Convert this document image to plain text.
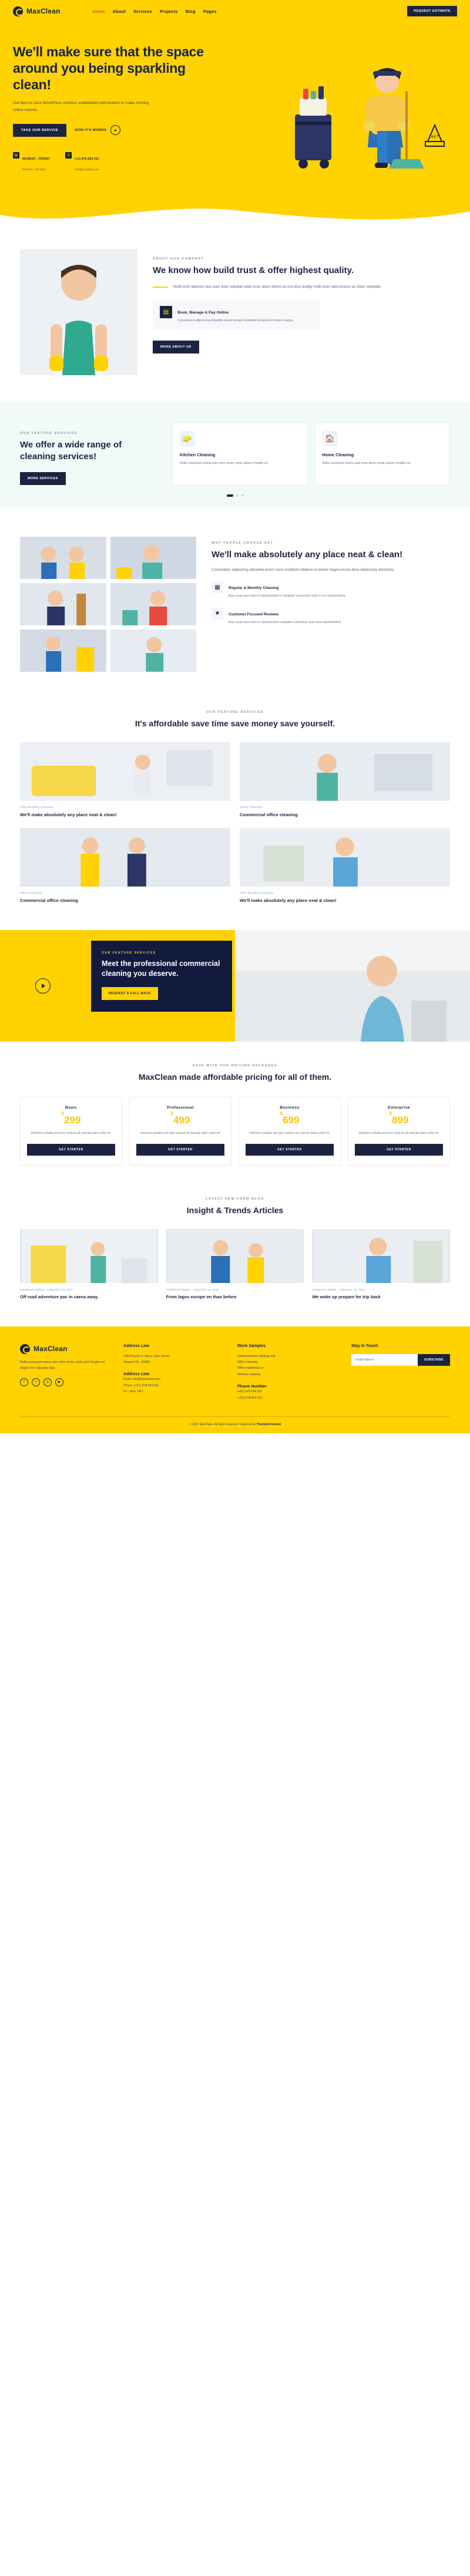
MaxClean	Home About Services Projects Blog Pages	REQUEST ESTIMATE
We'll make sure that the space around you being sparkling clean!

Our best in class WordPress solution, established optimisation to make running online volume.

TAKE OUR SERVICE	HOW IT'S WORKS
▤
MONDAY - FRIDAY
08:00am - 06:00pm
✆
(+1) 978 654 321
info@maxclean.com
WET
ABOUT OUR COMPANY
We know how build trust & offer highest quality.

Mollit enim laborum duis aute dolor voluptat velite esse cillum dolore eu lore dius quality mollit anim laborumcum au dolor voluptate.

▤	Book, Manage & Pay Online
Consectetur adipisicing elitsedda eiusm tempor incididunt ut labore et dolore magna.
MORE ABOUT US
OUR FEATURE SERVICES
We offer a wide range of cleaning services!
MORE SERVICES
🧽
Kitchen Cleaning
Nulla consequat massa quis enim donec pede justoes fringilla vel.
🏠
Home Cleaning
Nulla consequat massa quis enim donec pede justoes fringilla vel.
WHY PEOPLE CHOOSE US?
We'll make absolutely any place neat & clean!

Consectetur adipisicing elitsedda eiusm mast incididunt utlabore et dolore magna essea lorse adipisicing dolorskita.

▦	Regular & Monthly Cleaning
Bues quae irure dolor in reprehenderit in voluptate consectetur aute in ore reprehenderit.
★	Customer Focused Reviews
Bues quae irure dolor in reprehenderit voluptate consectetur aute irure reprehenderit.
OUR FEATURE SERVICES
It's affordable save time save money save yourself.
After Building Cleaning
We'll make absolutely any place neat & clean!
Office Cleaning
Commercial office cleaning
Office Cleaning
Commercial office cleaning
After Building Cleaning
We'll make absolutely any place neat & clean!
OUR FEATURE SERVICES
Meet the professional commercial cleaning you deserve.
REQUEST A CALL BACK
SAVE WITH OUR PRICING PACKAGES
MaxClean made affordable pricing for all of them.
Basic
$299
Interdum sodales sed quis nostrud ad exercita tation amet ell.
GET STARTED
Professional
$499
Interdum sodales sed quis nostrud ad exercita tation amet ell.
GET STARTED
Business
$699
Interdum sodales sed quis nostrud ad exercita tation amet ell.
GET STARTED
Enterprise
$899
Interdum sodales sed quis nostrud ad exercita tation amet ell.
GET STARTED
LATEST NEW FORM BLOG
Insight & Trends Articles
COMPANY NEWS · JANUARY 15, 2021
Off road adventure pac in caeca away.
COMPANY NEWS · JANUARY 15, 2021
From lagos europe on than before
COMPANY NEWS · JANUARY 15, 2021
We woke up prepare for trip back
MaxClean
Nulla consequat massa quis enim donec pede justo fringilla vel aliquet nec vulputate eget.
f	t	◎	▶
Address Line
2464 Royal Ln. Mesa, New Jersey
Newport Ol - 45463
Address Line
Email: info@maxclean.com
Phone: (+01) 978 654 321
Fri - Mon: 24/7
Work Samples
Interior/exterior building refit
Office cleaning
Office maintenance
Window cleaning
Phone Number
(+01) 978 654 321
(+01) 978 654 322
Stay In Touch
Email Address
SUBSCRIBE
© 2021 MaxClean. All rights reserved. Designed by Themetechmount
